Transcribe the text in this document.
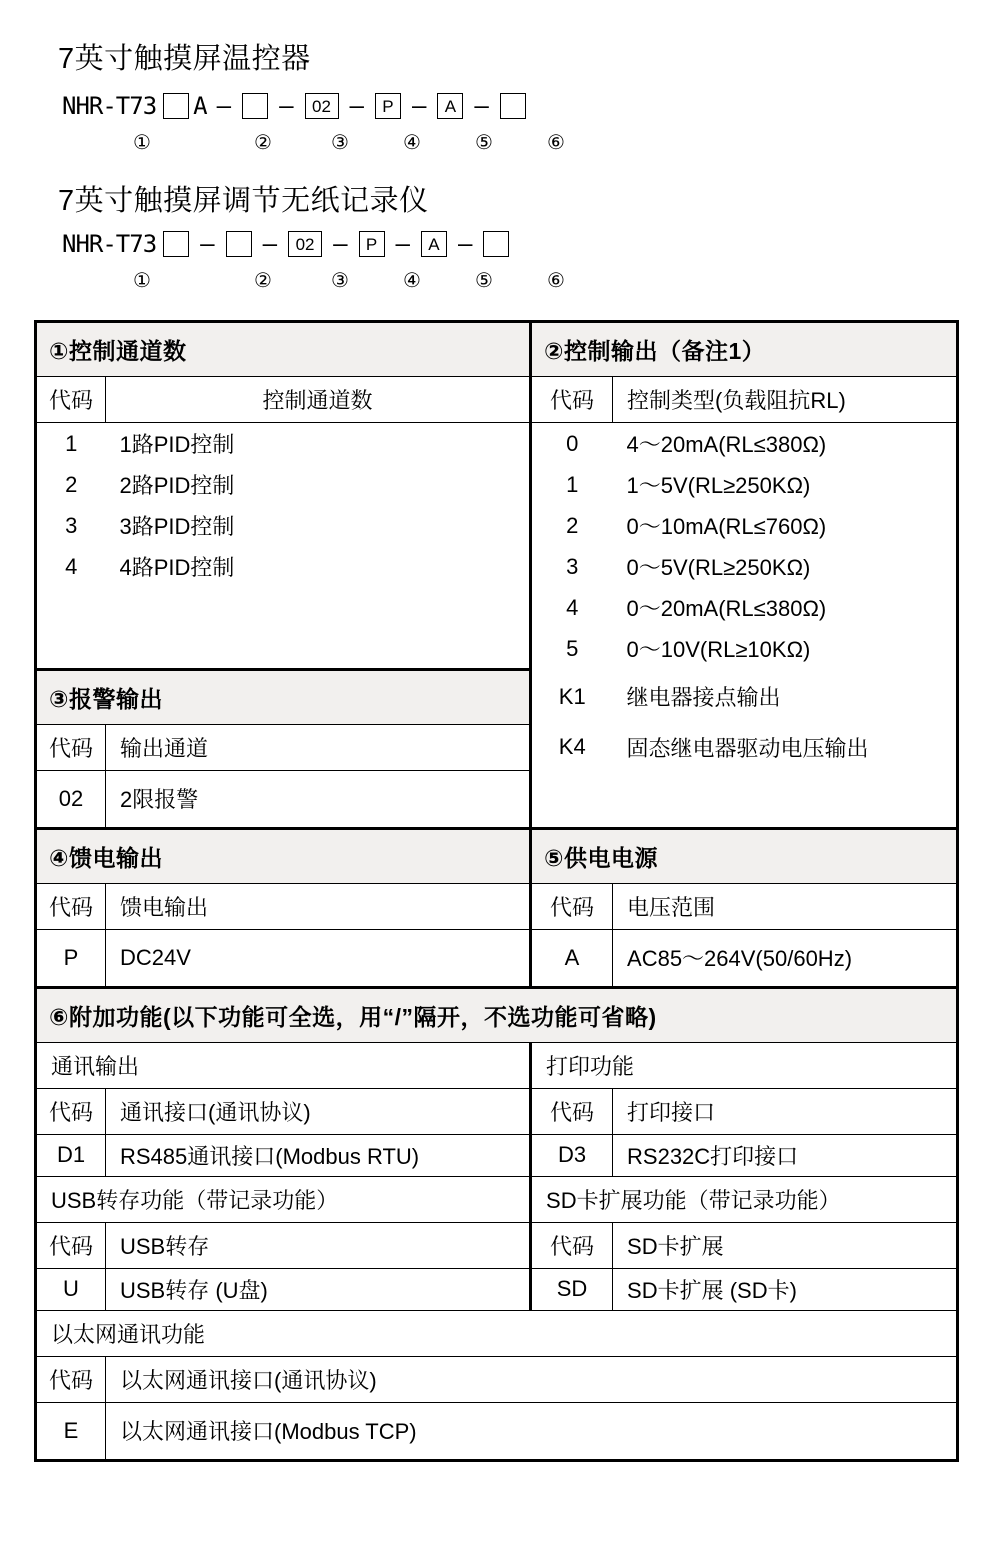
7英寸触摸屏温控器
NHR-T73 A — —	02 —	P —	A —
①	②	③	④	⑤	⑥
7英寸触摸屏调节无纸记录仪
NHR-T73 — —	02 —	P —	A —
①	②	③	④	⑤	⑥
①控制通道数		②控制输出（备注1）	
代码	控制通道数	代码	控制类型(负载阻抗RL)
1	1路PID控制	0	4～20mA(RL≤380Ω)
2	2路PID控制	1	1～5V(RL≥250KΩ)
3	3路PID控制	2	0～10mA(RL≤760Ω)
4	4路PID控制	3	0～5V(RL≥250KΩ)
		4	0～20mA(RL≤380Ω)
		5	0～10V(RL≥10KΩ)
③报警输出		K1	继电器接点输出
代码	输出通道	K4	固态继电器驱动电压输出
02	2限报警		
④馈电输出		⑤供电电源	
代码	馈电输出	代码	电压范围
P	DC24V	A	AC85～264V(50/60Hz)
⑥附加功能(以下功能可全选，用“/”隔开，不选功能可省略)			
通讯输出		打印功能	
代码	通讯接口(通讯协议)	代码	打印接口
D1	RS485通讯接口(Modbus RTU)	D3	RS232C打印接口
USB转存功能（带记录功能）		SD卡扩展功能（带记录功能）	
代码	USB转存	代码	SD卡扩展
U	USB转存 (U盘)	SD	SD卡扩展 (SD卡)
以太网通讯功能			
代码	以太网通讯接口(通讯协议)		
E	以太网通讯接口(Modbus TCP)		
